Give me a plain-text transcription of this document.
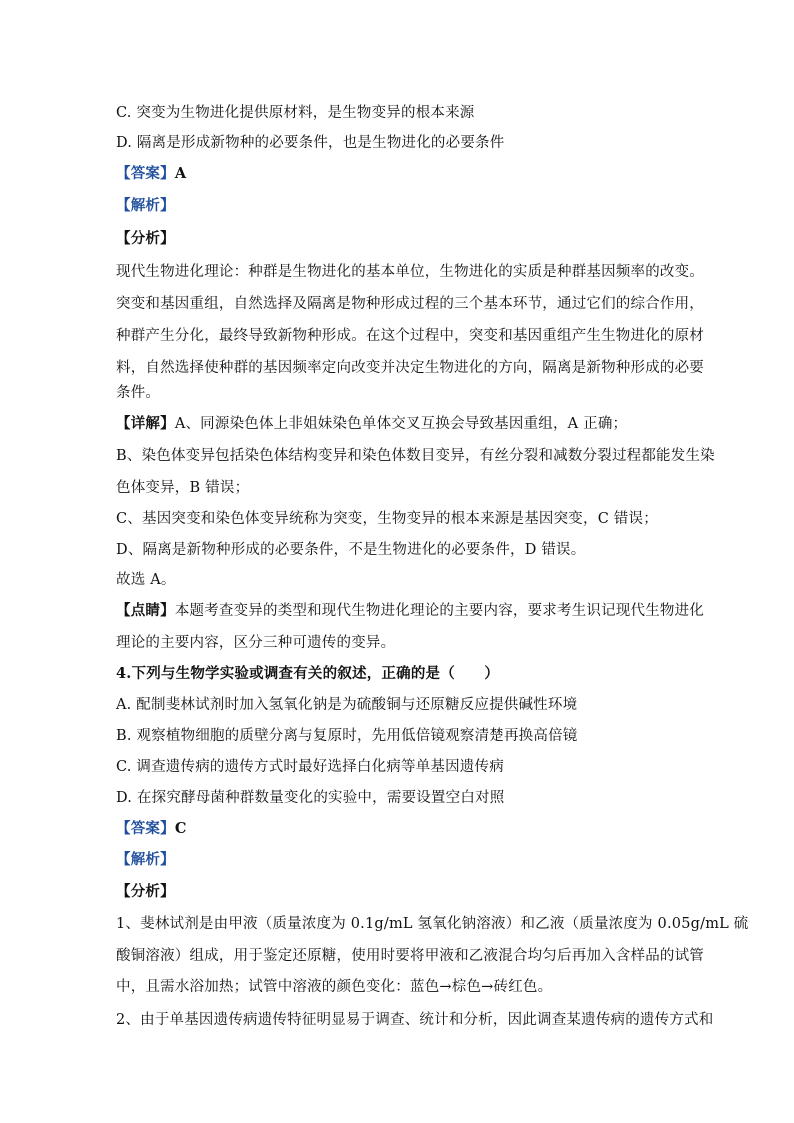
C. 突变为生物进化提供原材料，是生物变异的根本来源
D. 隔离是形成新物种的必要条件，也是生物进化的必要条件
【答案】A
【解析】
【分析】
现代生物进化理论：种群是生物进化的基本单位，生物进化的实质是种群基因频率的改变。
突变和基因重组，自然选择及隔离是物种形成过程的三个基本环节，通过它们的综合作用，
种群产生分化，最终导致新物种形成。在这个过程中，突变和基因重组产生生物进化的原材
料，自然选择使种群的基因频率定向改变并决定生物进化的方向，隔离是新物种形成的必要
条件。
【详解】A、同源染色体上非姐妹染色单体交叉互换会导致基因重组，A 正确；
B、染色体变异包括染色体结构变异和染色体数目变异，有丝分裂和减数分裂过程都能发生染
色体变异，B 错误；
C、基因突变和染色体变异统称为突变，生物变异的根本来源是基因突变，C 错误；
D、隔离是新物种形成的必要条件，不是生物进化的必要条件，D 错误。
故选 A。
【点睛】本题考查变异的类型和现代生物进化理论的主要内容，要求考生识记现代生物进化
理论的主要内容，区分三种可遗传的变异。
4.下列与生物学实验或调查有关的叙述，正确的是（　　）
A. 配制斐林试剂时加入氢氧化钠是为硫酸铜与还原糖反应提供碱性环境
B. 观察植物细胞的质壁分离与复原时，先用低倍镜观察清楚再换高倍镜
C. 调查遗传病的遗传方式时最好选择白化病等单基因遗传病
D. 在探究酵母菌种群数量变化的实验中，需要设置空白对照
【答案】C
【解析】
【分析】
1、斐林试剂是由甲液（质量浓度为 0.1g/mL 氢氧化钠溶液）和乙液（质量浓度为 0.05g/mL 硫
酸铜溶液）组成，用于鉴定还原糖，使用时要将甲液和乙液混合均匀后再加入含样品的试管
中，且需水浴加热；试管中溶液的颜色变化：蓝色→棕色→砖红色。
2、由于单基因遗传病遗传特征明显易于调查、统计和分析，因此调查某遗传病的遗传方式和
